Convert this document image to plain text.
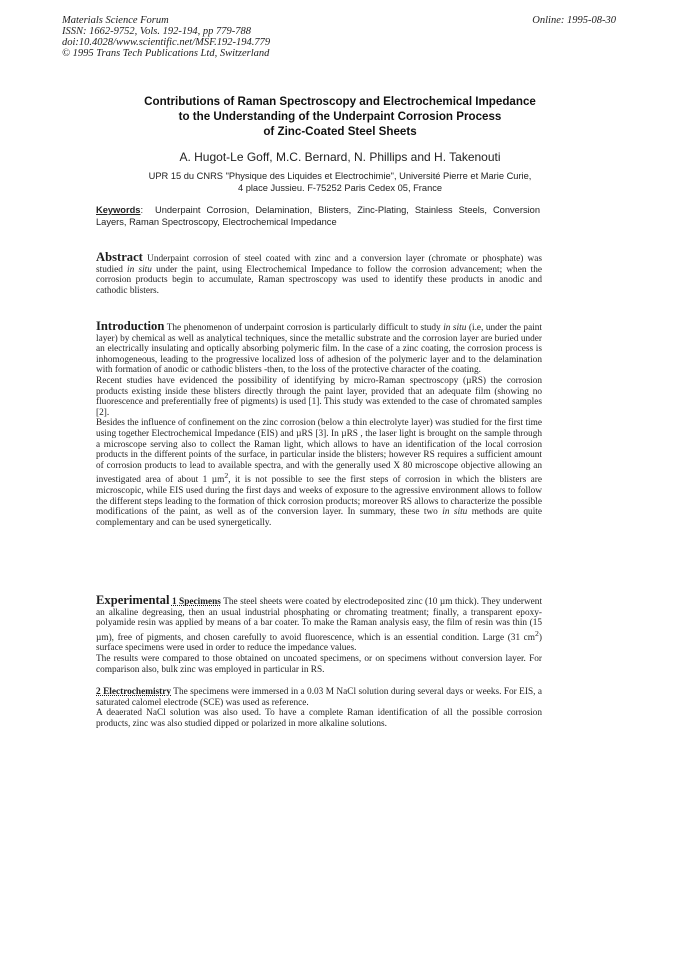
Materials Science Forum
ISSN: 1662-9752, Vols. 192-194, pp 779-788
doi:10.4028/www.scientific.net/MSF.192-194.779
© 1995 Trans Tech Publications Ltd, Switzerland
Online: 1995-08-30
Contributions of Raman Spectroscopy and Electrochemical Impedance
to the Understanding of the Underpaint Corrosion Process
of Zinc-Coated Steel Sheets
A. Hugot-Le Goff, M.C. Bernard, N. Phillips and H. Takenouti
UPR 15 du CNRS "Physique des Liquides et Electrochimie", Université Pierre et Marie Curie,
4 place Jussieu. F-75252 Paris Cedex 05, France
Keywords:  Underpaint Corrosion, Delamination, Blisters, Zinc-Plating, Stainless Steels, Conversion Layers, Raman Spectroscopy, Electrochemical Impedance

Abstract Underpaint corrosion of steel coated with zinc and a conversion layer (chromate or phosphate) was studied in situ under the paint, using Electrochemical Impedance to follow the corrosion advancement; when the corrosion products begin to accumulate, Raman spectroscopy was used to identify these products in anodic and cathodic blisters.

Introduction The phenomenon of underpaint corrosion is particularly difficult to study in situ (i.e, under the paint layer) by chemical as well as analytical techniques, since the metallic substrate and the corrosion layer are buried under an electrically insulating and optically absorbing polymeric film. In the case of a zinc coating, the corrosion process is inhomogeneous, leading to the progressive localized loss of adhesion of the polymeric layer and to the delamination with formation of anodic or cathodic blisters -then, to the loss of the protective character of the coating.

Recent studies have evidenced the possibility of identifying by micro-Raman spectroscopy (µRS) the corrosion products existing inside these blisters directly through the paint layer, provided that an adequate film (showing no fluorescence and preferentially free of pigments) is used [1]. This study was extended to the case of chromated samples [2].

Besides the influence of confinement on the zinc corrosion (below a thin electrolyte layer) was studied for the first time using together Electrochemical Impedance (EIS) and µRS [3]. In µRS , the laser light is brought on the sample through a microscope serving also to collect the Raman light, which allows to have an identification of the local corrosion products in the different points of the surface, in particular inside the blisters; however RS requires a sufficient amount of corrosion products to lead to available spectra, and with the generally used X 80 microscope objective allowing an investigated area of about 1 µm$^2$, it is not possible to see the first steps of corrosion in which the blisters are microscopic, while EIS used during the first days and weeks of exposure to the agressive environment allows to follow the different steps leading to the formation of thick corrosion products; moreover RS allows to characterize the possible modifications of the paint, as well as of the conversion layer. In summary, these two in situ methods are quite complementary and can be used synergetically.

Experimental 1 Specimens The steel sheets were coated by electrodeposited zinc (10 µm thick). They underwent an alkaline degreasing, then an usual industrial phosphating or chromating treatment; finally, a transparent epoxy-polyamide resin was applied by means of a bar coater. To make the Raman analysis easy, the film of resin was thin (15 µm), free of pigments, and chosen carefully to avoid fluorescence, which is an essential condition. Large (31 $cm^2$) surface specimens were used in order to reduce the impedance values.

The results were compared to those obtained on uncoated specimens, or on specimens without conversion layer. For comparison also, bulk zinc was employed in particular in RS.

2 Electrochemistry The specimens were immersed in a 0.03 M NaCl solution during several days or weeks. For EIS, a saturated calomel electrode (SCE) was used as reference.

A deaerated NaCl solution was also used. To have a complete Raman identification of all the possible corrosion products, zinc was also studied dipped or polarized in more alkaline solutions.
